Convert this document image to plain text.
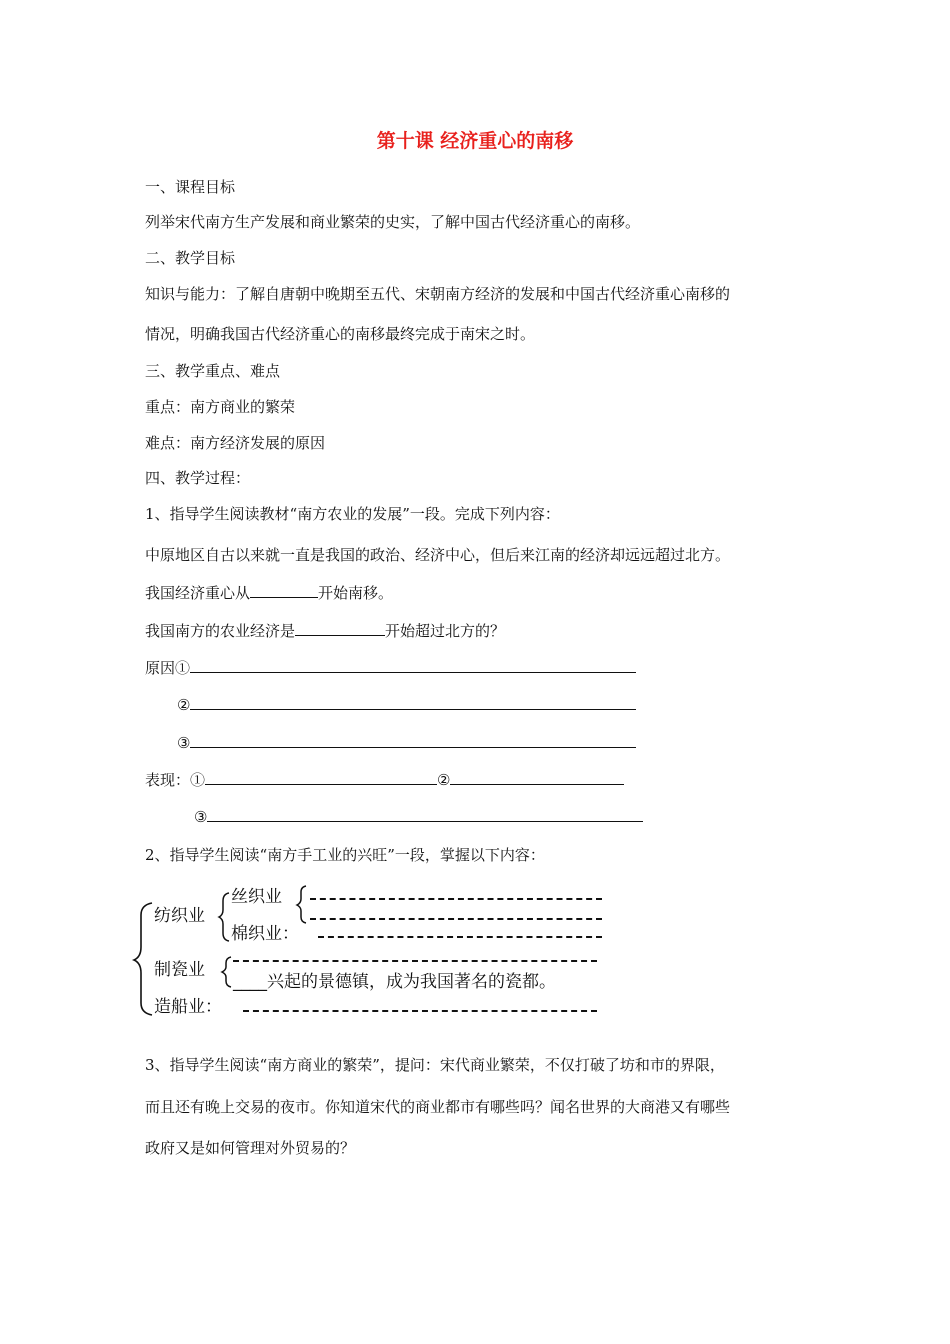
第十课 经济重心的南移
一、课程目标
列举宋代南方生产发展和商业繁荣的史实，了解中国古代经济重心的南移。
二、教学目标
知识与能力：了解自唐朝中晚期至五代、宋朝南方经济的发展和中国古代经济重心南移的
情况，明确我国古代经济重心的南移最终完成于南宋之时。
三、教学重点、难点
重点：南方商业的繁荣
难点：南方经济发展的原因
四、教学过程：
1、指导学生阅读教材“南方农业的发展”一段。完成下列内容：
中原地区自古以来就一直是我国的政治、经济中心，但后来江南的经济却远远超过北方。
我国经济重心从	开始南移。
我国南方的农业经济是	开始超过北方的？
原因①
②
③
表现：①	②
③
2、指导学生阅读“南方手工业的兴旺”一段，掌握以下内容：
纺织业
丝织业
棉织业：
制瓷业
____兴起的景德镇，成为我国著名的瓷都。
造船业：
3、指导学生阅读“南方商业的繁荣”，提问：宋代商业繁荣，不仅打破了坊和市的界限，
而且还有晚上交易的夜市。你知道宋代的商业都市有哪些吗？闻名世界的大商港又有哪些
政府又是如何管理对外贸易的？
